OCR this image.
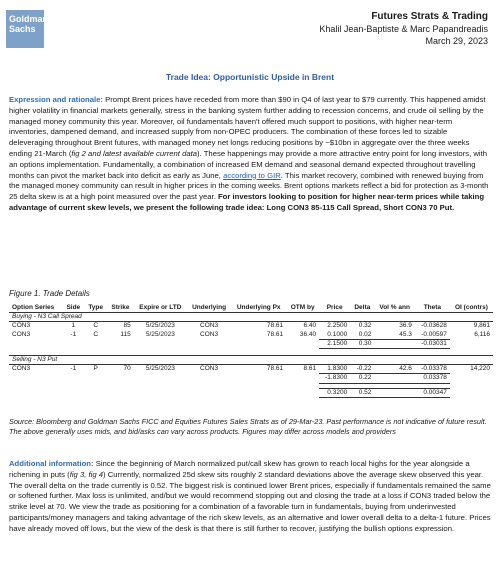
Goldman Sachs
Futures Strats & Trading
Khalil Jean-Baptiste & Marc Papandreadis
March 29, 2023
Trade Idea: Opportunistic Upside in Brent
Expression and rationale: Prompt Brent prices have receded from more than $90 in Q4 of last year to $79 currently. This happened amidst higher volatility in financial markets generally, stress in the banking system further adding to recession concerns, and crude oil selling by the managed money community this year. Moreover, oil fundamentals haven't offered much support to positions, with higher near-term inventories, dampened demand, and increased supply from non-OPEC producers. The combination of these forces led to sizable deleveraging throughout Brent futures, with managed money net longs reducing positions by ~$10bn in aggregate over the three weeks ending 21-March (fig 2 and latest available current data). These happenings may provide a more attractive entry point for long investors, with an options implementation. Fundamentally, a combination of increased EM demand and seasonal demand expected throughout travelling months can pivot the market back into deficit as early as June, according to GIR. This market recovery, combined with renewed buying from the managed money community can result in higher prices in the coming weeks. Brent options markets reflect a bid for protection as 3-month 25 delta skew is at a high point measured over the past year. For investors looking to position for higher near-term prices while taking advantage of current skew levels, we present the following trade idea: Long CON3 85-115 Call Spread, Short CON3 70 Put.
Figure 1. Trade Details
Option Series	Side	Type	Strike	Expire or LTD	Underlying	Underlying Px	OTM by	Price	Delta	Vol % ann	Theta	OI (contrs)
Buying - N3 Call Spread												
CON3	1	C	85	5/25/2023	CON3	78.61	6.40	2.2500	0.32	36.9	-0.03628	9,861
CON3	-1	C	115	5/25/2023	CON3	78.61	36.40	0.1000	0.02	45.3	-0.00597	6,116
								2.1500	0.30		-0.03031	

Selling - N3 Put												
CON3	-1	P	70	5/25/2023	CON3	78.61	8.61	1.8300	-0.22	42.6	-0.03378	14,220
								-1.8300	0.22		0.03378	

								0.3200	0.52		0.00347	
Source: Bloomberg and Goldman Sachs FICC and Equities Futures Sales Strats as of 29-Mar-23. Past performance is not indicative of future result. The above generally uses mids, and bid/asks can vary across products. Figures may differ across models and providers
Additional information: Since the beginning of March normalized put/call skew has grown to reach local highs for the year alongside a richening in puts (fig 3, fig 4) Currently, normalized 25d skew sits roughly 2 standard deviations above the average skew observed this year. The overall delta on the trade currently is 0.52. The biggest risk is continued lower Brent prices, especially if fundamentals remained the same or softened further. Max loss is unlimited, and/but we would recommend stopping out and closing the trade at a loss if CON3 traded below the strike level at 70. We view the trade as positioning for a combination of a favorable turn in fundamentals, buying from underinvested participants/money managers and taking advantage of the rich skew levels, as an alternative and lower overall delta to a delta-1 future. Prices have already moved off lows, but the view of the desk is that there is still further to recover, justifying the bullish options expression.
